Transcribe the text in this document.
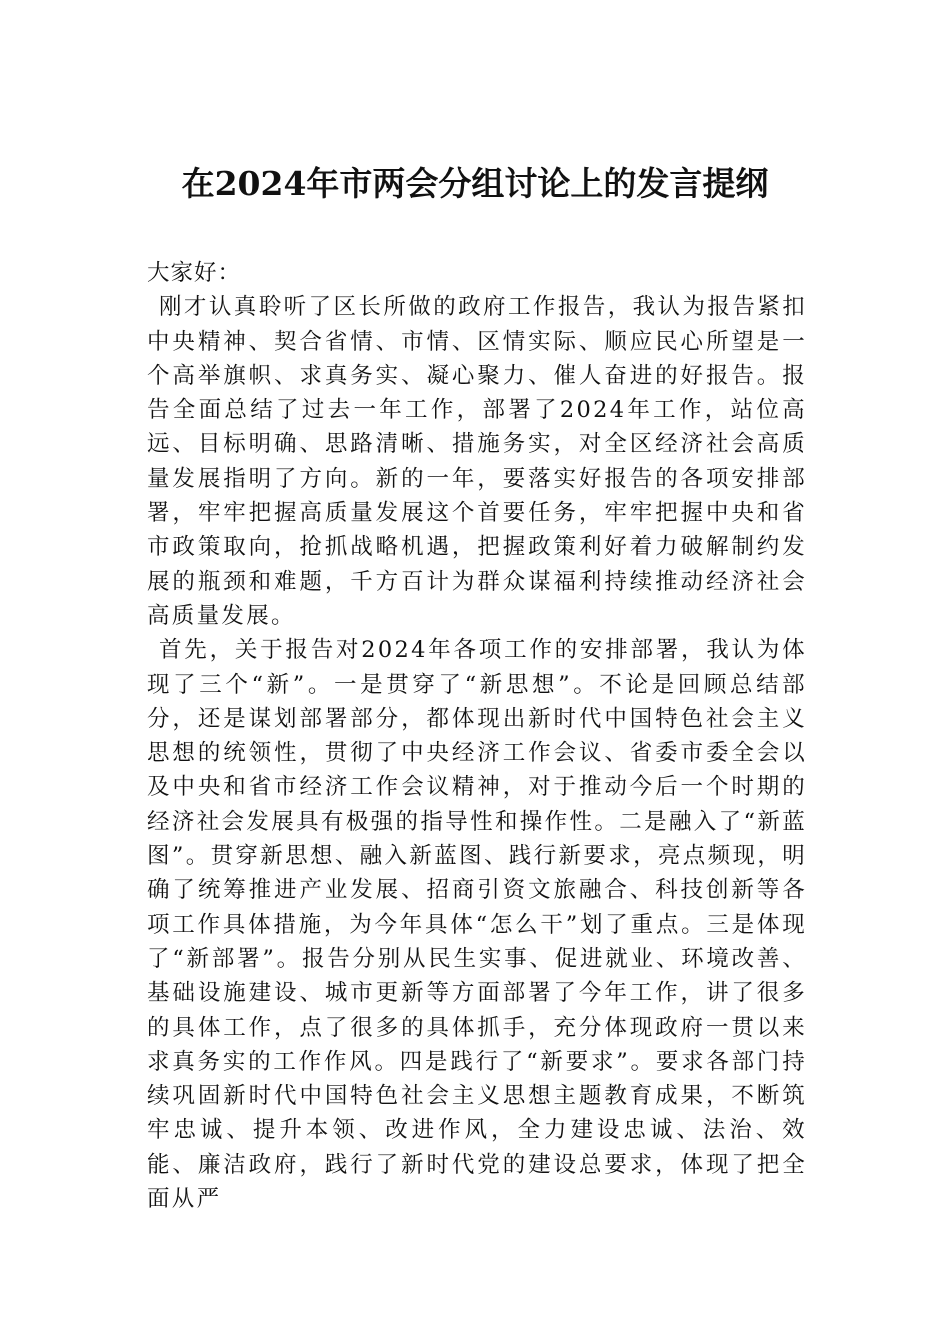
在2024年市两会分组讨论上的发言提纲

大家好：

刚才认真聆听了区长所做的政府工作报告，我认为报告紧扣中央精神、契合省情、市情、区情实际、顺应民心所望是一个高举旗帜、求真务实、凝心聚力、催人奋进的好报告。报告全面总结了过去一年工作，部署了2024年工作，站位高远、目标明确、思路清晰、措施务实，对全区经济社会高质量发展指明了方向。新的一年，要落实好报告的各项安排部署，牢牢把握高质量发展这个首要任务，牢牢把握中央和省市政策取向，抢抓战略机遇，把握政策利好着力破解制约发展的瓶颈和难题，千方百计为群众谋福利持续推动经济社会高质量发展。

首先，关于报告对2024年各项工作的安排部署，我认为体现了三个“新”。一是贯穿了“新思想”。不论是回顾总结部分，还是谋划部署部分，都体现出新时代中国特色社会主义思想的统领性，贯彻了中央经济工作会议、省委市委全会以及中央和省市经济工作会议精神，对于推动今后一个时期的经济社会发展具有极强的指导性和操作性。二是融入了“新蓝图”。贯穿新思想、融入新蓝图、践行新要求，亮点频现，明确了统筹推进产业发展、招商引资文旅融合、科技创新等各项工作具体措施，为今年具体“怎么干”划了重点。三是体现了“新部署”。报告分别从民生实事、促进就业、环境改善、基础设施建设、城市更新等方面部署了今年工作，讲了很多的具体工作，点了很多的具体抓手，充分体现政府一贯以来求真务实的工作作风。四是践行了“新要求”。要求各部门持续巩固新时代中国特色社会主义思想主题教育成果，不断筑牢忠诚、提升本领、改进作风，全力建设忠诚、法治、效能、廉洁政府，践行了新时代党的建设总要求，体现了把全面从严
